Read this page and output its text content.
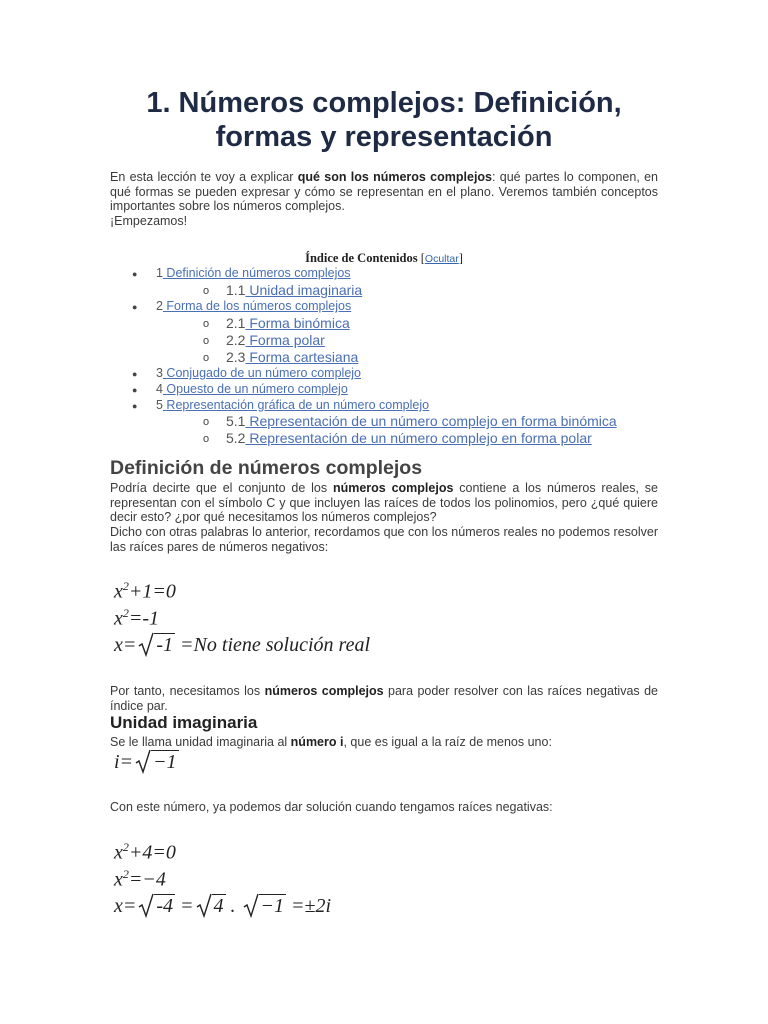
1. Números complejos: Definición, formas y representación

En esta lección te voy a explicar qué son los números complejos: qué partes lo componen, en qué formas se pueden expresar y cómo se representan en el plano. Veremos también conceptos importantes sobre los números complejos.

¡Empezamos!

Índice de Contenidos [Ocultar]
● 1 Definición de números complejos
o 1.1 Unidad imaginaria
● 2 Forma de los números complejos
o 2.1 Forma binómica
o 2.2 Forma polar
o 2.3 Forma cartesiana
● 3 Conjugado de un número complejo
● 4 Opuesto de un número complejo
● 5 Representación gráfica de un número complejo
o 5.1 Representación de un número complejo en forma binómica
o 5.2 Representación de un número complejo en forma polar
Definición de números complejos

Podría decirte que el conjunto de los números complejos contiene a los números reales, se representan con el símbolo C y que incluyen las raíces de todos los polinomios, pero ¿qué quiere decir esto? ¿por qué necesitamos los números complejos?

Dicho con otras palabras lo anterior, recordamos que con los números reales no podemos resolver las raíces pares de números negativos:

$x^2+1=0$
$x^2=-1$
x= -1 =No tiene solución real

Por tanto, necesitamos los números complejos para poder resolver con las raíces negativas de índice par.

Unidad imaginaria

Se le llama unidad imaginaria al número i, que es igual a la raíz de menos uno:

i= −1

Con este número, ya podemos dar solución cuando tengamos raíces negativas:

$x^2+4=0$
$x^2=-4$
x= -4 = 4 .
−1 =±2i
